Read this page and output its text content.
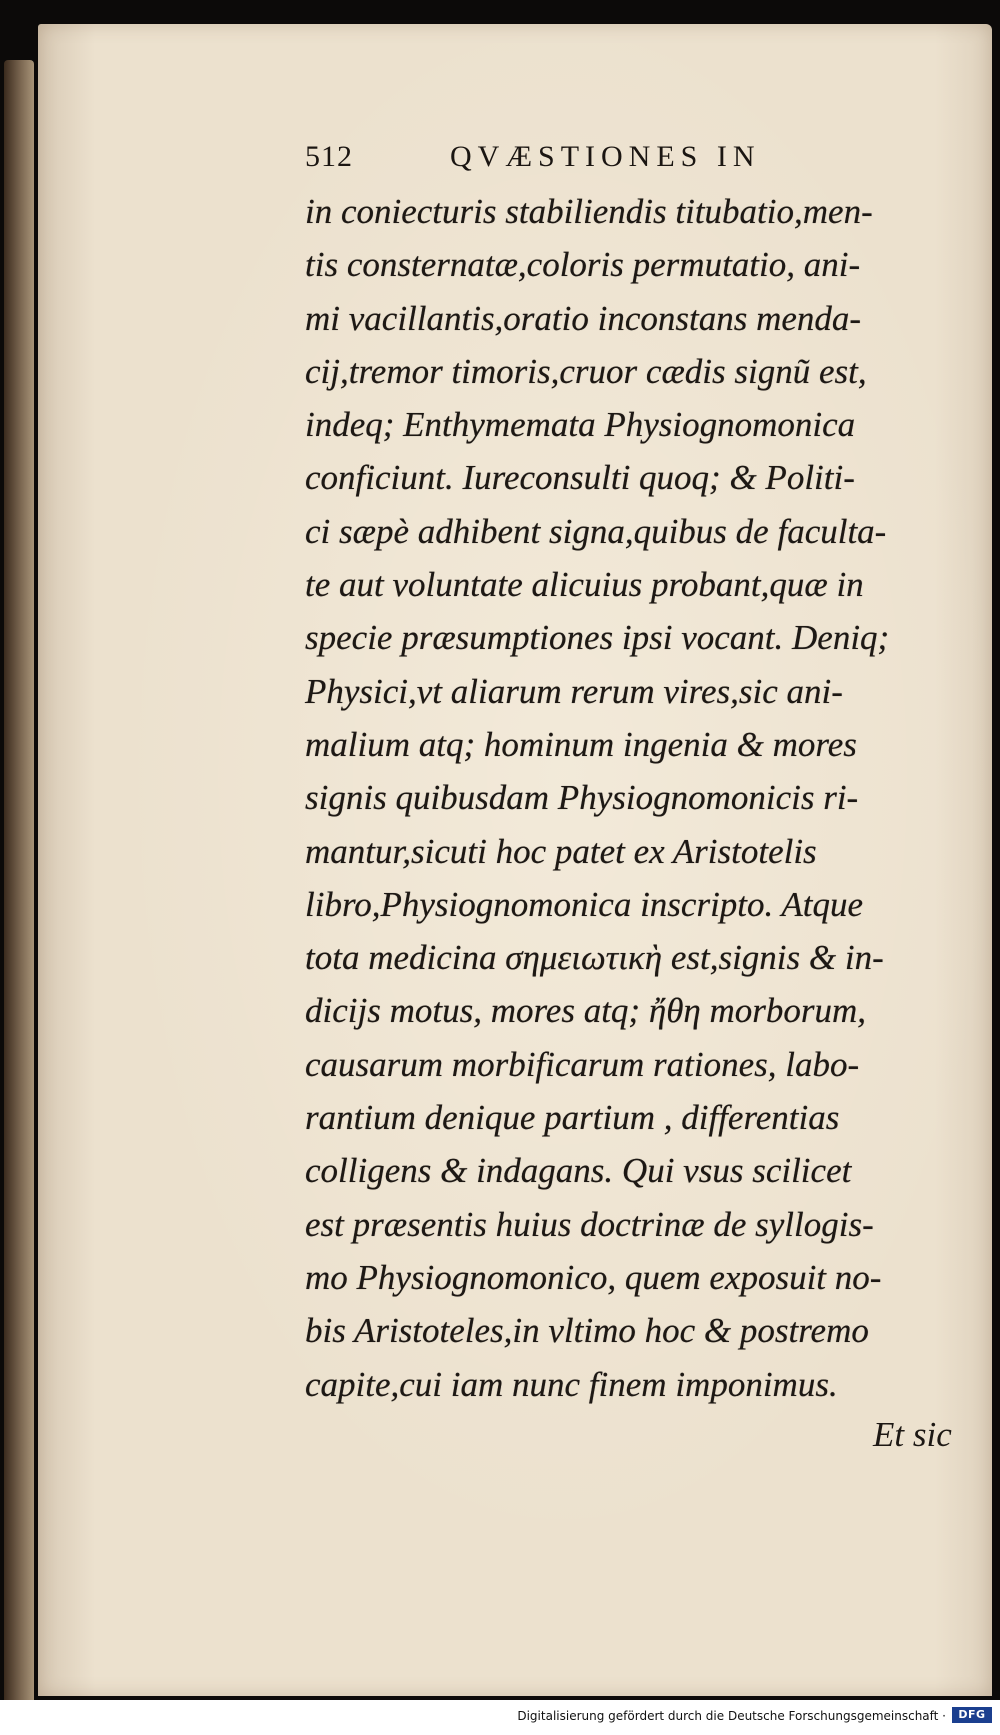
512	QVÆSTIONES IN
in coniecturis stabiliendis titubatio,men-
tis consternatæ,coloris permutatio, ani-
mi vacillantis,oratio inconstans menda-
cij,tremor timoris,cruor cædis signũ est,
indeq; Enthymemata Physiognomonica
conficiunt. Iureconsulti quoq; & Politi-
ci sæpè adhibent signa,quibus de faculta-
te aut voluntate alicuius probant,quæ in
specie præsumptiones ipsi vocant. Deniq;
Physici,vt aliarum rerum vires,sic ani-
malium atq; hominum ingenia & mores
signis quibusdam Physiognomonicis ri-
mantur,sicuti hoc patet ex Aristotelis
libro,Physiognomonica inscripto. Atque
tota medicina σημειωτικὴ est,signis & in-
dicijs motus, mores atq; ἤθη morborum,
causarum morbificarum rationes, labo-
rantium denique partium , differentias
colligens & indagans. Qui vsus scilicet
est præsentis huius doctrinæ de syllogis-
mo Physiognomonico, quem exposuit no-
bis Aristoteles,in vltimo hoc & postremo
capite,cui iam nunc finem imponimus.
Et sic
Digitalisierung gefördert durch die Deutsche Forschungsgemeinschaft ·	DFG
